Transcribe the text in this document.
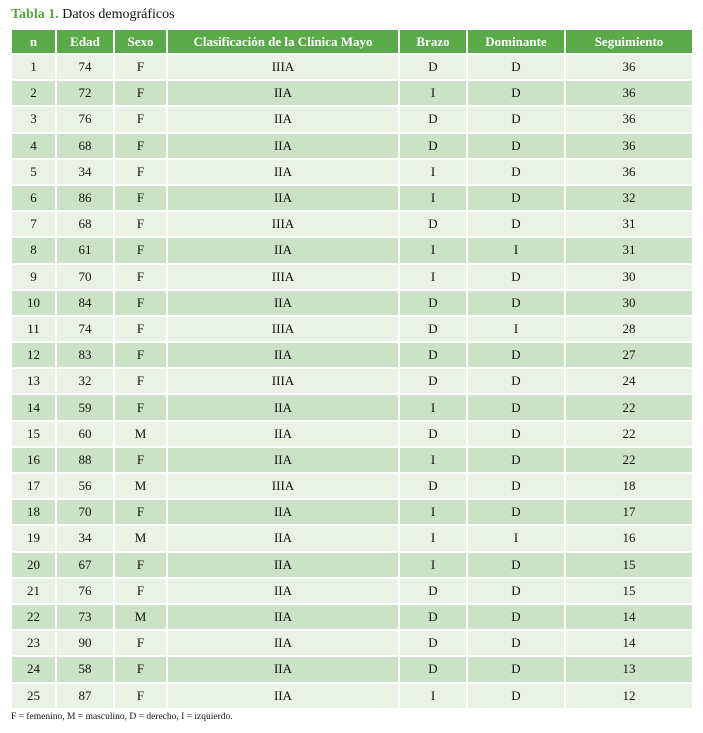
Tabla 1. Datos demográficos
n	Edad	Sexo	Clasificación de la Clínica Mayo	Brazo	Dominante	Seguimiento
1	74	F	IIIA	D	D	36
2	72	F	IIA	I	D	36
3	76	F	IIA	D	D	36
4	68	F	IIA	D	D	36
5	34	F	IIA	I	D	36
6	86	F	IIA	I	D	32
7	68	F	IIIA	D	D	31
8	61	F	IIA	I	I	31
9	70	F	IIIA	I	D	30
10	84	F	IIA	D	D	30
11	74	F	IIIA	D	I	28
12	83	F	IIA	D	D	27
13	32	F	IIIA	D	D	24
14	59	F	IIA	I	D	22
15	60	M	IIA	D	D	22
16	88	F	IIA	I	D	22
17	56	M	IIIA	D	D	18
18	70	F	IIA	I	D	17
19	34	M	IIA	I	I	16
20	67	F	IIA	I	D	15
21	76	F	IIA	D	D	15
22	73	M	IIA	D	D	14
23	90	F	IIA	D	D	14
24	58	F	IIA	D	D	13
25	87	F	IIA	I	D	12
F = femenino, M = masculino, D = derecho, I = izquierdo.
